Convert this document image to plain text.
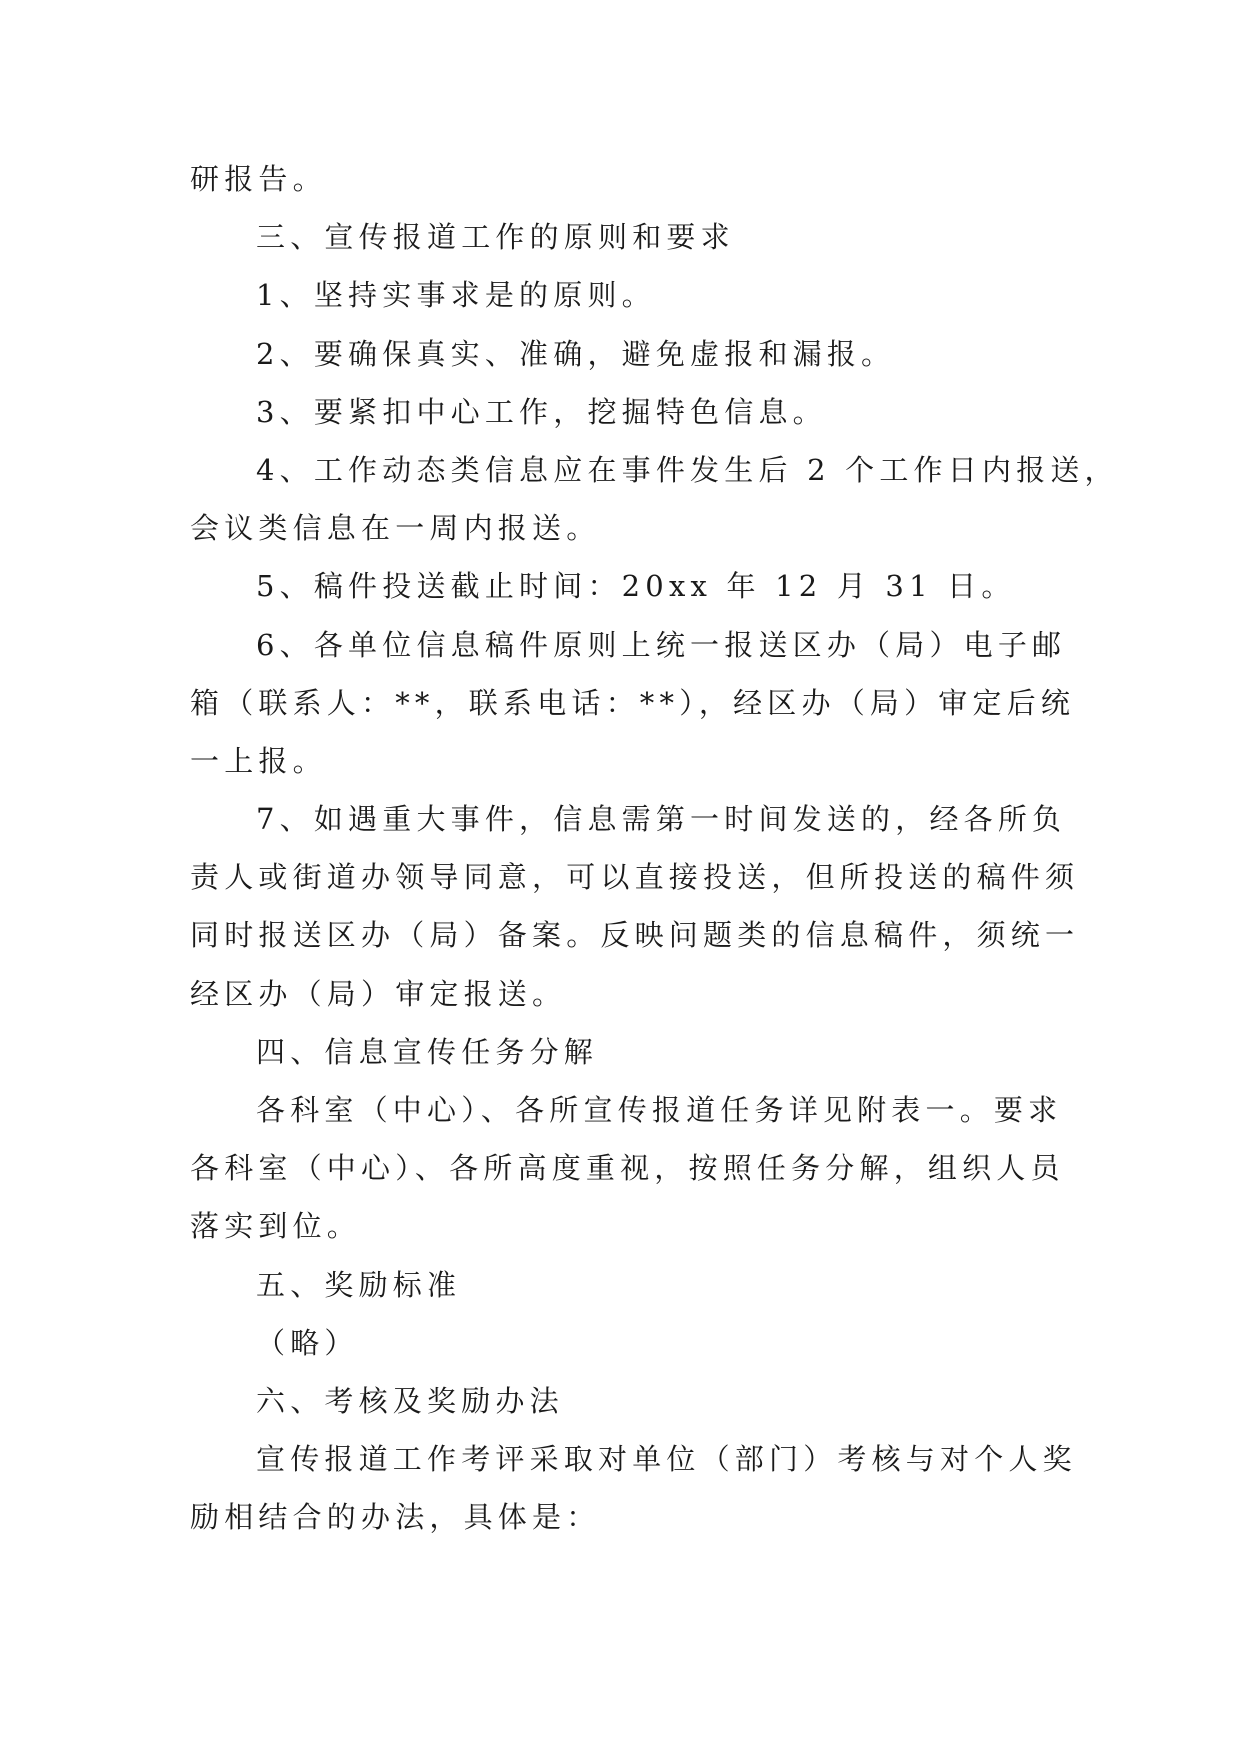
研报告。
三、宣传报道工作的原则和要求
1、坚持实事求是的原则。
2、要确保真实、准确，避免虚报和漏报。
3、要紧扣中心工作，挖掘特色信息。
4、工作动态类信息应在事件发生后 2 个工作日内报送，
会议类信息在一周内报送。
5、稿件投送截止时间：20xx 年 12 月 31 日。
6、各单位信息稿件原则上统一报送区办（局）电子邮
箱（联系人：**，联系电话：**），经区办（局）审定后统
一上报。
7、如遇重大事件，信息需第一时间发送的，经各所负
责人或街道办领导同意，可以直接投送，但所投送的稿件须
同时报送区办（局）备案。反映问题类的信息稿件，须统一
经区办（局）审定报送。
四、信息宣传任务分解
各科室（中心）、各所宣传报道任务详见附表一。要求
各科室（中心）、各所高度重视，按照任务分解，组织人员
落实到位。
五、奖励标准
（略）
六、考核及奖励办法
宣传报道工作考评采取对单位（部门）考核与对个人奖
励相结合的办法，具体是：
